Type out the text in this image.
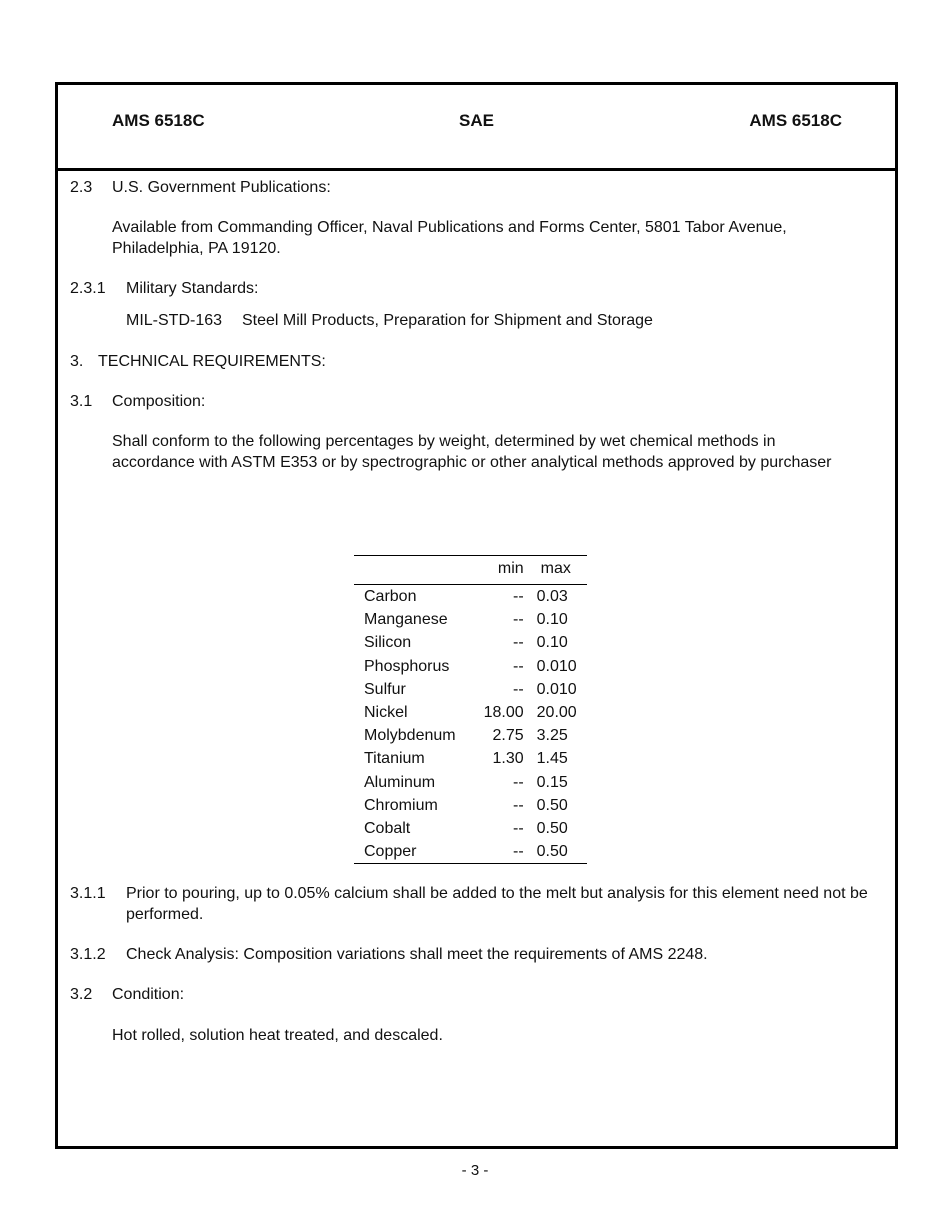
AMS 6518C	SAE	AMS 6518C
2.3 U.S. Government Publications:
Available from Commanding Officer, Naval Publications and Forms Center, 5801 Tabor Avenue, Philadelphia, PA 19120.
2.3.1 Military Standards:
MIL-STD-163 Steel Mill Products, Preparation for Shipment and Storage
3. TECHNICAL REQUIREMENTS:
3.1 Composition:
Shall conform to the following percentages by weight, determined by wet chemical methods in accordance with ASTM E353 or by spectrographic or other analytical methods approved by purchaser
	min	max
Carbon	--	0.03
Manganese	--	0.10
Silicon	--	0.10
Phosphorus	--	0.010
Sulfur	--	0.010
Nickel	18.00	20.00
Molybdenum	2.75	3.25
Titanium	1.30	1.45
Aluminum	--	0.15
Chromium	--	0.50
Cobalt	--	0.50
Copper	--	0.50
3.1.1 Prior to pouring, up to 0.05% calcium shall be added to the melt but analysis for this element need not be performed.
3.1.2 Check Analysis: Composition variations shall meet the requirements of AMS 2248.
3.2 Condition:
Hot rolled, solution heat treated, and descaled.
- 3 -
